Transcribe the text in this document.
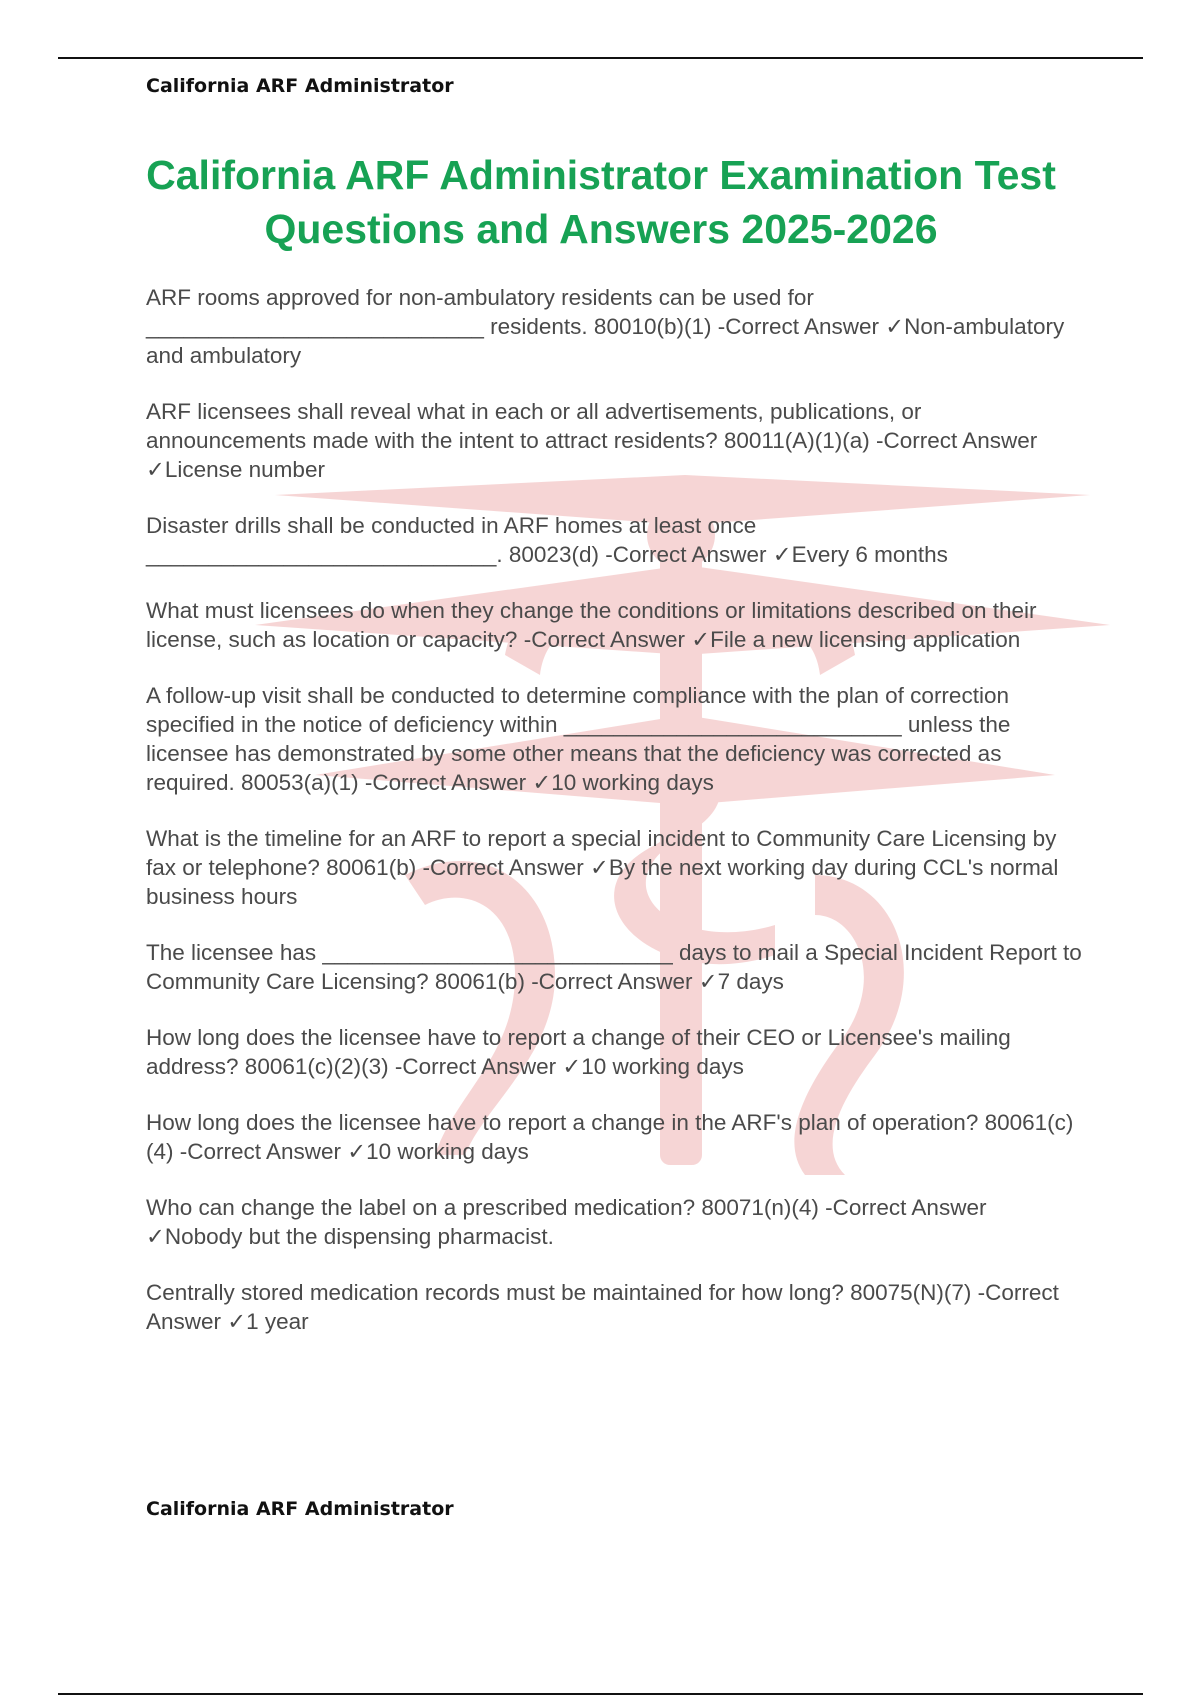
California ARF Administrator
California ARF Administrator Examination Test
Questions and Answers 2025-2026

ARF rooms approved for non-ambulatory residents can be used for ___________________________ residents. 80010(b)(1) -Correct Answer ✓Non-ambulatory and ambulatory

ARF licensees shall reveal what in each or all advertisements, publications, or announcements made with the intent to attract residents? 80011(A)(1)(a) -Correct Answer ✓License number

Disaster drills shall be conducted in ARF homes at least once ____________________________. 80023(d) -Correct Answer ✓Every 6 months

What must licensees do when they change the conditions or limitations described on their license, such as location or capacity? -Correct Answer ✓File a new licensing application

A follow-up visit shall be conducted to determine compliance with the plan of correction specified in the notice of deficiency within ___________________________ unless the licensee has demonstrated by some other means that the deficiency was corrected as required. 80053(a)(1) -Correct Answer ✓10 working days

What is the timeline for an ARF to report a special incident to Community Care Licensing by fax or telephone? 80061(b) -Correct Answer ✓By the next working day during CCL's normal business hours

The licensee has ____________________________ days to mail a Special Incident Report to Community Care Licensing? 80061(b) -Correct Answer ✓7 days

How long does the licensee have to report a change of their CEO or Licensee's mailing address? 80061(c)(2)(3) -Correct Answer ✓10 working days

How long does the licensee have to report a change in the ARF's plan of operation? 80061(c)(4) -Correct Answer ✓10 working days

Who can change the label on a prescribed medication? 80071(n)(4) -Correct Answer ✓Nobody but the dispensing pharmacist.

Centrally stored medication records must be maintained for how long? 80075(N)(7) -Correct Answer ✓1 year

California ARF Administrator
